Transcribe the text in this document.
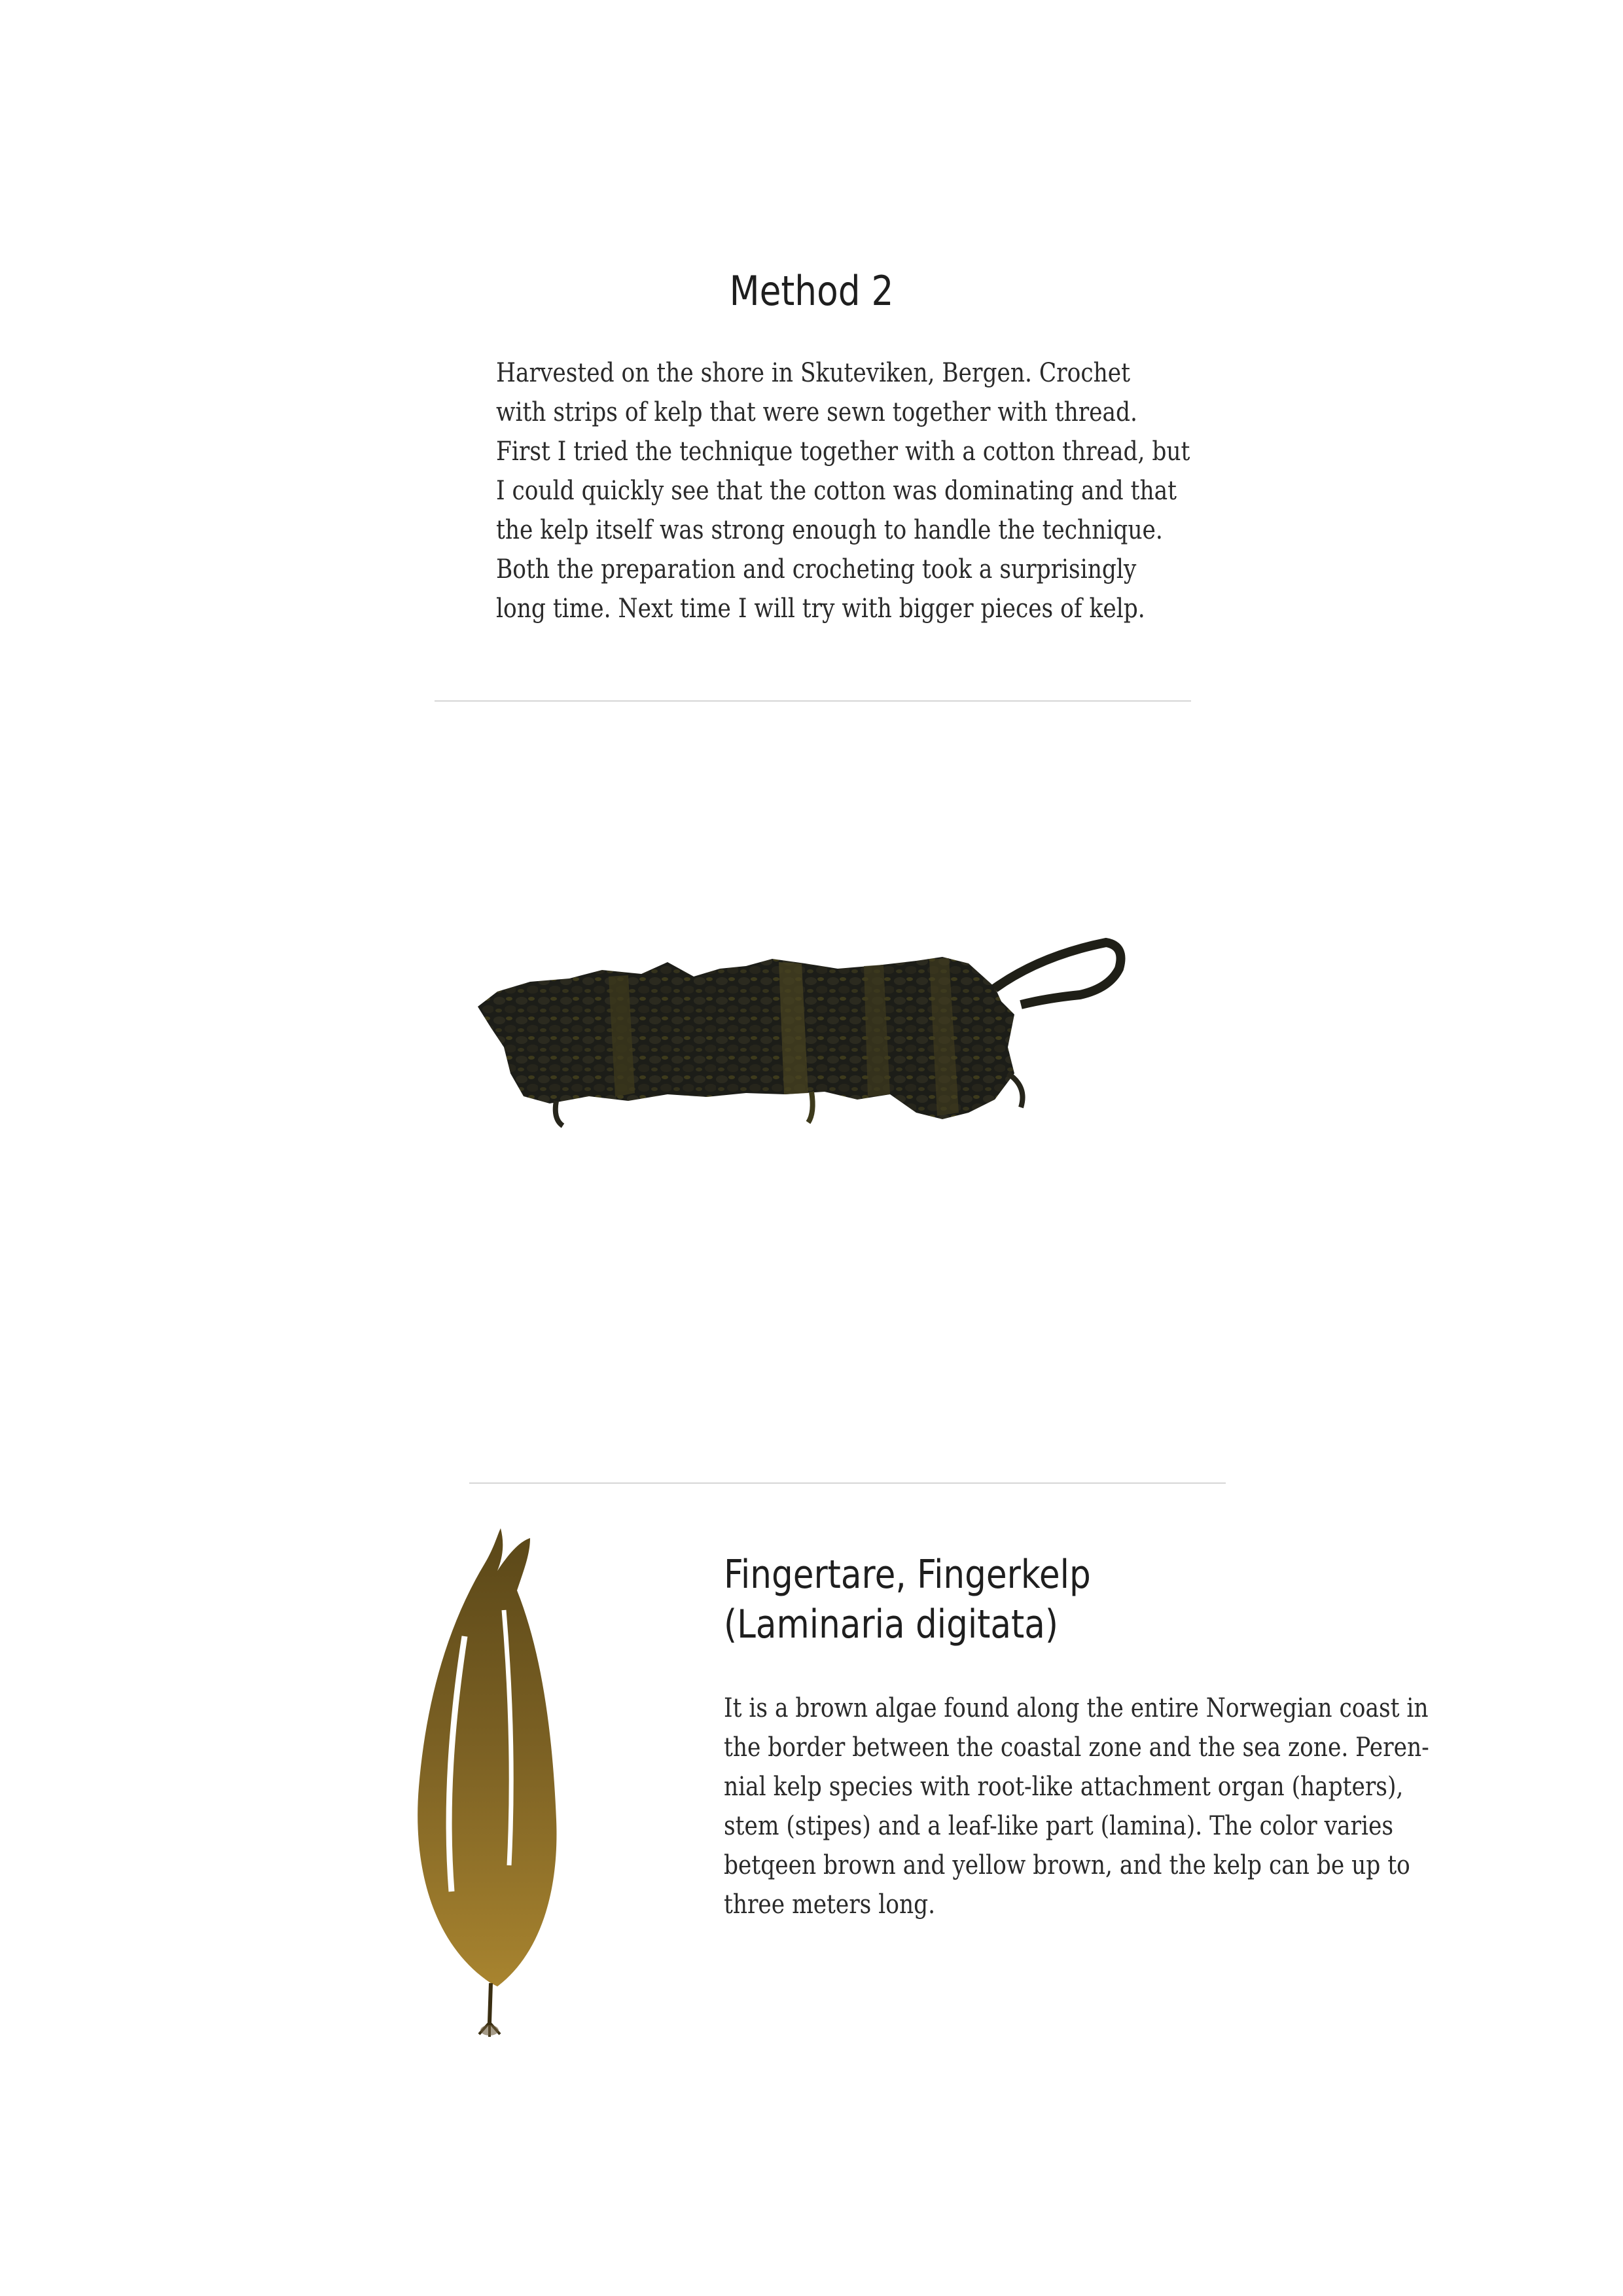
Method 2
Harvested on the shore in Skuteviken, Bergen. Crochet
with strips of kelp that were sewn together with thread.
First I tried the technique together with a cotton thread, but
I could quickly see that the cotton was dominating and that
the kelp itself was strong enough to handle the technique.
Both the preparation and crocheting took a surprisingly
long time. Next time I will try with bigger pieces of kelp.
Fingertare, Fingerkelp
(Laminaria digitata)
It is a brown algae found along the entire Norwegian coast in
the border between the coastal zone and the sea zone. Peren-
nial kelp species with root-like attachment organ (hapters),
stem (stipes) and a leaf-like part (lamina). The color varies
betqeen brown and yellow brown, and the kelp can be up to
three meters long.
